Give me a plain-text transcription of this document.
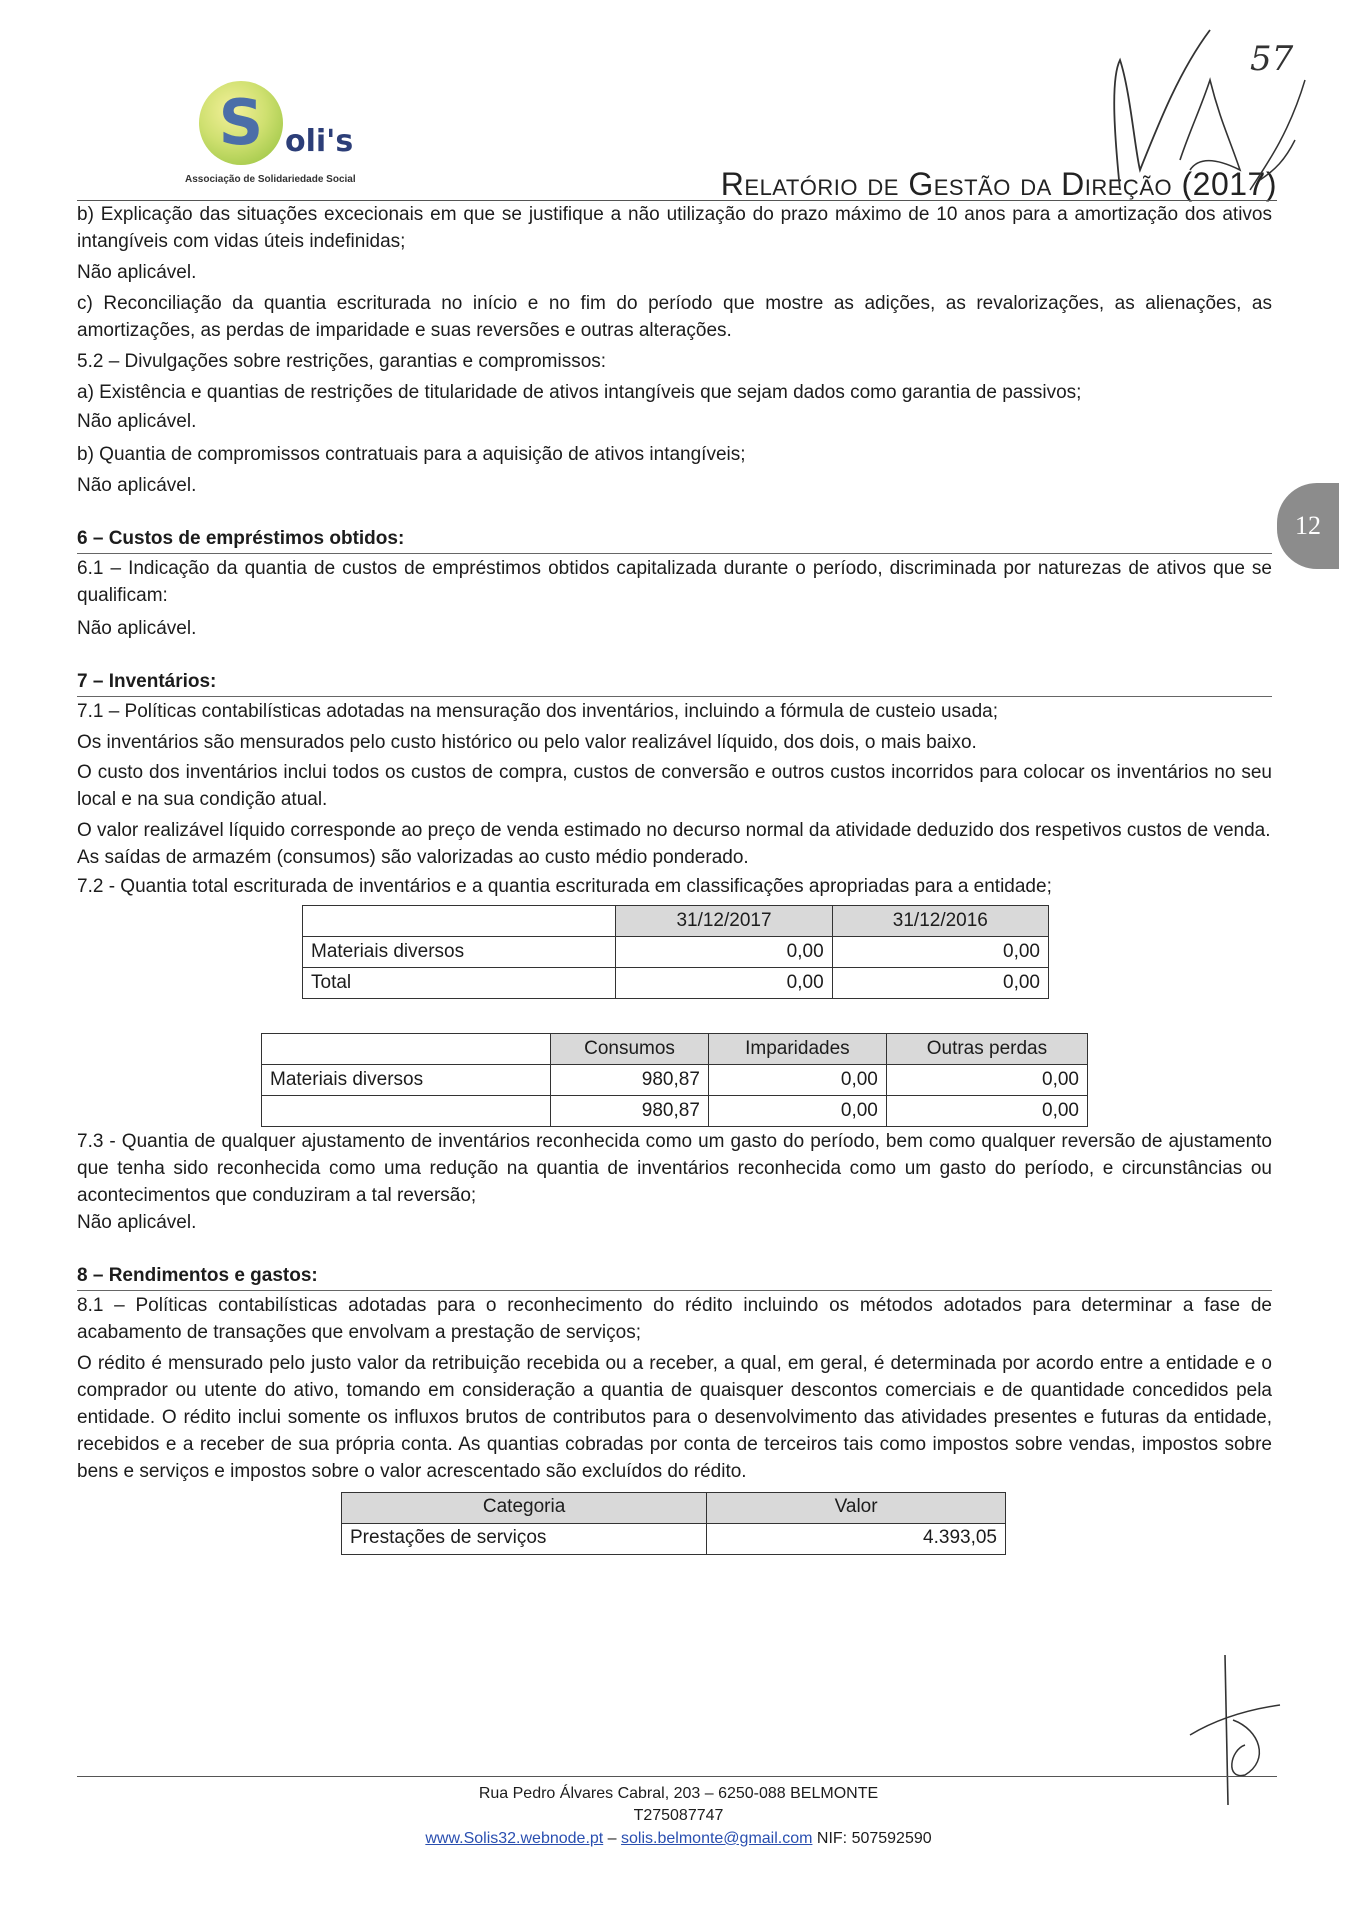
S oli's
Associação de Solidariedade Social	Relatório de Gestão da Direção (2017)
57
12

b) Explicação das situações excecionais em que se justifique a não utilização do prazo máximo de 10 anos para a amortização dos ativos intangíveis com vidas úteis indefinidas;

Não aplicável.

c) Reconciliação da quantia escriturada no início e no fim do período que mostre as adições, as revalorizações, as alienações, as amortizações, as perdas de imparidade e suas reversões e outras alterações.

5.2 – Divulgações sobre restrições, garantias e compromissos:

a) Existência e quantias de restrições de titularidade de ativos intangíveis que sejam dados como garantia de passivos;

Não aplicável.

b) Quantia de compromissos contratuais para a aquisição de ativos intangíveis;

Não aplicável.

6 – Custos de empréstimos obtidos:

6.1 – Indicação da quantia de custos de empréstimos obtidos capitalizada durante o período, discriminada por naturezas de ativos que se qualificam:

Não aplicável.

7 – Inventários:

7.1 – Políticas contabilísticas adotadas na mensuração dos inventários, incluindo a fórmula de custeio usada;

Os inventários são mensurados pelo custo histórico ou pelo valor realizável líquido, dos dois, o mais baixo.

O custo dos inventários inclui todos os custos de compra, custos de conversão e outros custos incorridos para colocar os inventários no seu local e na sua condição atual.

O valor realizável líquido corresponde ao preço de venda estimado no decurso normal da atividade deduzido dos respetivos custos de venda.

As saídas de armazém (consumos) são valorizadas ao custo médio ponderado.

7.2 - Quantia total escriturada de inventários e a quantia escriturada em classificações apropriadas para a entidade;

	31/12/2017	31/12/2016
Materiais diversos	0,00	0,00
Total	0,00	0,00
	Consumos	Imparidades	Outras perdas
Materiais diversos	980,87	0,00	0,00
	980,87	0,00	0,00

7.3 - Quantia de qualquer ajustamento de inventários reconhecida como um gasto do período, bem como qualquer reversão de ajustamento que tenha sido reconhecida como uma redução na quantia de inventários reconhecida como um gasto do período, e circunstâncias ou acontecimentos que conduziram a tal reversão;

Não aplicável.

8 – Rendimentos e gastos:

8.1 – Políticas contabilísticas adotadas para o reconhecimento do rédito incluindo os métodos adotados para determinar a fase de acabamento de transações que envolvam a prestação de serviços;

O rédito é mensurado pelo justo valor da retribuição recebida ou a receber, a qual, em geral, é determinada por acordo entre a entidade e o comprador ou utente do ativo, tomando em consideração a quantia de quaisquer descontos comerciais e de quantidade concedidos pela entidade. O rédito inclui somente os influxos brutos de contributos para o desenvolvimento das atividades presentes e futuras da entidade, recebidos e a receber de sua própria conta. As quantias cobradas por conta de terceiros tais como impostos sobre vendas, impostos sobre bens e serviços e impostos sobre o valor acrescentado são excluídos do rédito.

Categoria	Valor
Prestações de serviços	4.393,05
Rua Pedro Álvares Cabral, 203 – 6250-088 BELMONTE
T275087747
www.Solis32.webnode.pt – solis.belmonte@gmail.com NIF: 507592590
